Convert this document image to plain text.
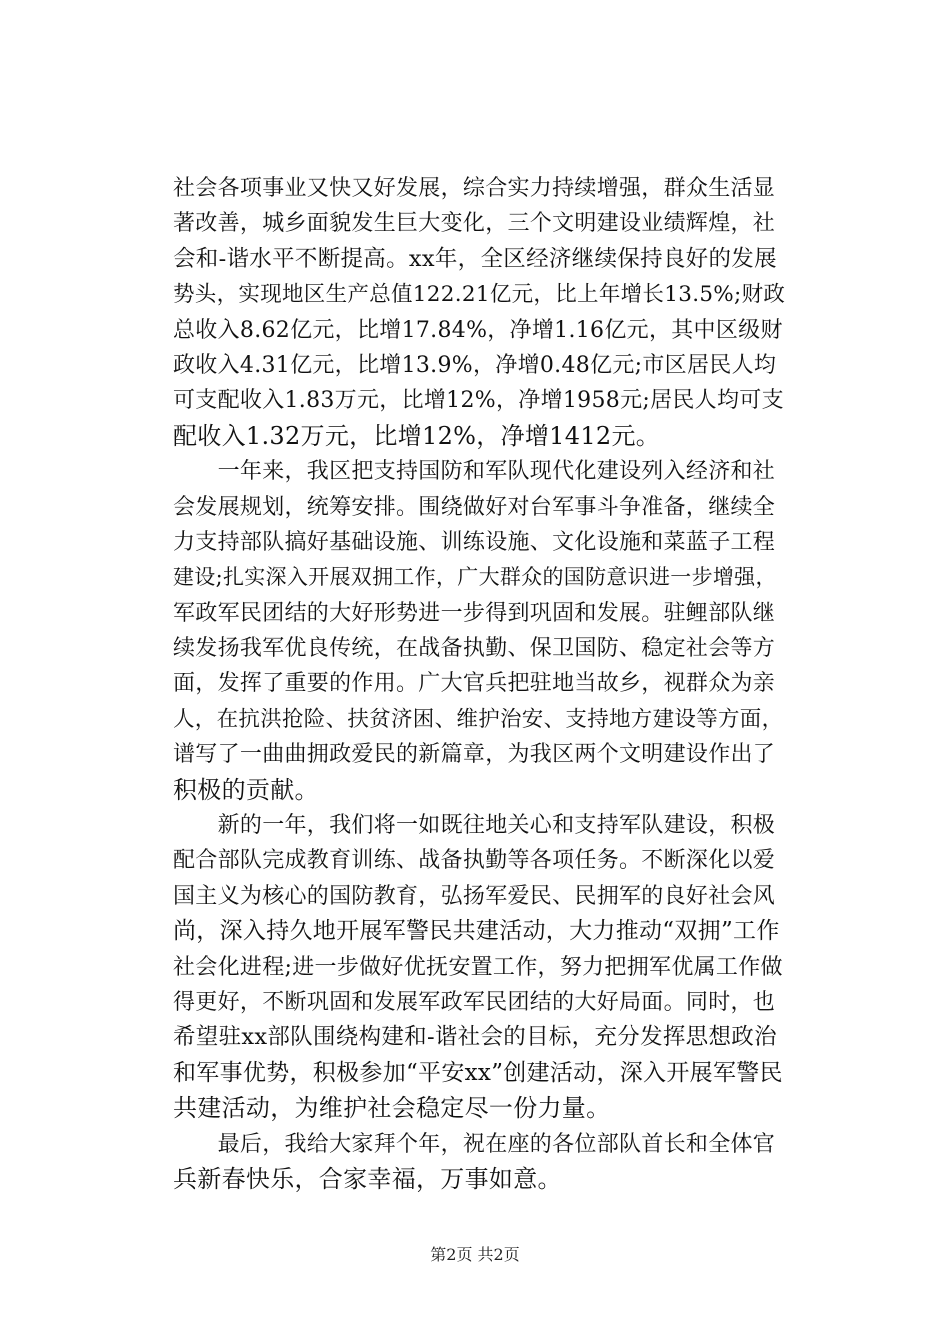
社会各项事业又快又好发展，综合实力持续增强，群众生活显
著改善，城乡面貌发生巨大变化，三个文明建设业绩辉煌，社
会和-谐水平不断提高。xx年，全区经济继续保持良好的发展
势头，实现地区生产总值122.21亿元，比上年增长13.5%;财政
总收入8.62亿元，比增17.84%，净增1.16亿元，其中区级财
政收入4.31亿元，比增13.9%，净增0.48亿元;市区居民人均
可支配收入1.83万元，比增12%，净增1958元;居民人均可支
配收入1.32万元，比增12%，净增1412元。
　　一年来，我区把支持国防和军队现代化建设列入经济和社
会发展规划，统筹安排。围绕做好对台军事斗争准备，继续全
力支持部队搞好基础设施、训练设施、文化设施和菜蓝子工程
建设;扎实深入开展双拥工作，广大群众的国防意识进一步增强，
军政军民团结的大好形势进一步得到巩固和发展。驻鲤部队继
续发扬我军优良传统，在战备执勤、保卫国防、稳定社会等方
面，发挥了重要的作用。广大官兵把驻地当故乡，视群众为亲
人，在抗洪抢险、扶贫济困、维护治安、支持地方建设等方面，
谱写了一曲曲拥政爱民的新篇章，为我区两个文明建设作出了
积极的贡献。
　　新的一年，我们将一如既往地关心和支持军队建设，积极
配合部队完成教育训练、战备执勤等各项任务。不断深化以爱
国主义为核心的国防教育，弘扬军爱民、民拥军的良好社会风
尚，深入持久地开展军警民共建活动，大力推动“双拥”工作
社会化进程;进一步做好优抚安置工作，努力把拥军优属工作做
得更好，不断巩固和发展军政军民团结的大好局面。同时，也
希望驻xx部队围绕构建和-谐社会的目标，充分发挥思想政治
和军事优势，积极参加“平安xx”创建活动，深入开展军警民
共建活动，为维护社会稳定尽一份力量。
　　最后，我给大家拜个年，祝在座的各位部队首长和全体官
兵新春快乐，合家幸福，万事如意。
第2页 共2页
